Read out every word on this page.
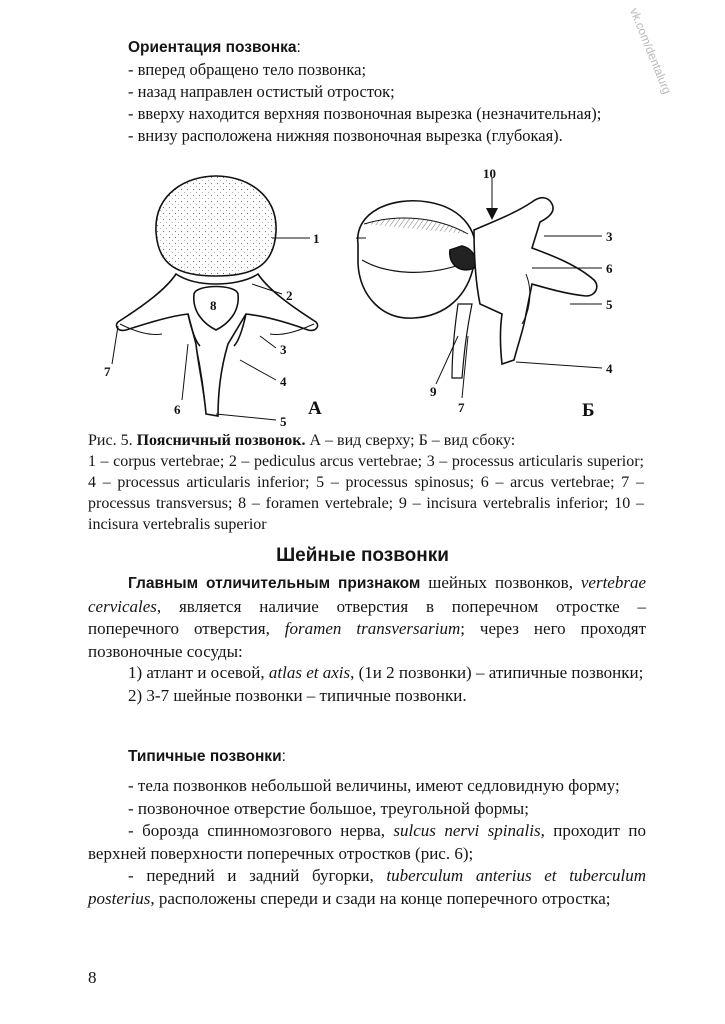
vk.com/dentalurg
Ориентация позвонка:
- вперед обращено тело позвонка;
- назад направлен остистый отросток;
- вверху находится верхняя позвоночная вырезка (незначительная);
- внизу расположена нижняя позвоночная вырезка (глубокая).
1
2
3
4
5
6
7
8
А
10
3
6
5
4
7
9
Б
Рис. 5. Поясничный позвонок. А – вид сверху; Б – вид сбоку:
1 – corpus vertebrae; 2 – pediculus arcus vertebrae; 3 – processus articularis superior; 4 – processus articularis inferior; 5 – processus spinosus; 6 – arcus vertebrae; 7 – processus transversus; 8 – foramen vertebrale; 9 – incisura vertebralis inferior; 10 – incisura vertebralis superior
Шейные позвонки

Главным отличительным признаком шейных позвонков, vertebrae cervicales, является наличие отверстия в поперечном отростке – поперечного отверстия, foramen transversarium; через него проходят позвоночные сосуды:

1) атлант и осевой, atlas et axis, (1и 2 позвонки) – атипичные позвонки;

2) 3-7 шейные позвонки – типичные позвонки.

Типичные позвонки:

- тела позвонков небольшой величины, имеют седловидную форму;

- позвоночное отверстие большое, треугольной формы;

- борозда спинномозгового нерва, sulcus nervi spinalis, проходит по верхней поверхности поперечных отростков (рис. 6);

- передний и задний бугорки, tuberculum anterius et tuberculum posterius, расположены спереди и сзади на конце поперечного отростка;

8
